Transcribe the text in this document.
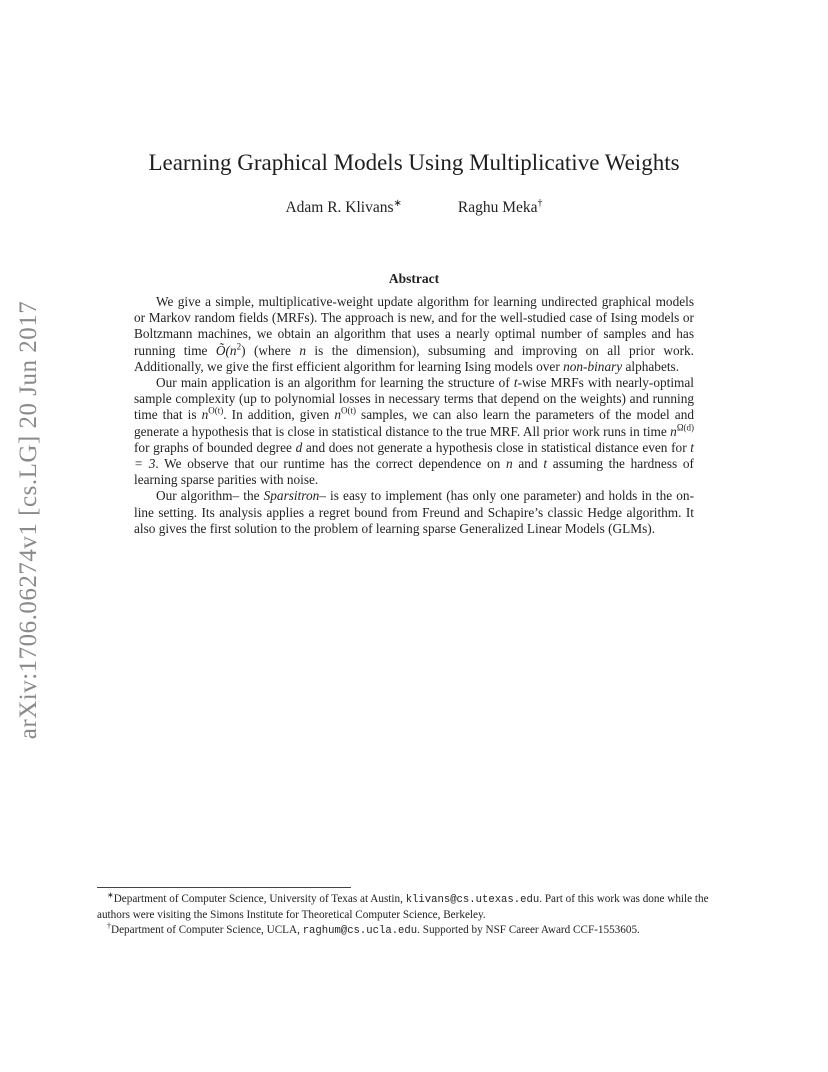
arXiv:1706.06274v1 [cs.LG] 20 Jun 2017
Learning Graphical Models Using Multiplicative Weights
Adam R. Klivans∗	Raghu Meka†
Abstract

We give a simple, multiplicative-weight update algorithm for learning undirected graphical models or Markov random fields (MRFs). The approach is new, and for the well-studied case of Ising models or Boltzmann machines, we obtain an algorithm that uses a nearly optimal number of samples and has running time $Õ(n^2)$ (where n is the dimension), subsuming and improving on all prior work. Additionally, we give the first efficient algorithm for learning Ising models over non-binary alphabets.

Our main application is an algorithm for learning the structure of t-wise MRFs with nearly-optimal sample complexity (up to polynomial losses in necessary terms that depend on the weights) and running time that is $n^{O(t)}$. In addition, given $n^{O(t)}$ samples, we can also learn the parameters of the model and generate a hypothesis that is close in statistical distance to the true MRF. All prior work runs in time $n^{\Omega(d)}$ for graphs of bounded degree d and does not generate a hypothesis close in statistical distance even for t = 3. We observe that our runtime has the correct dependence on n and t assuming the hardness of learning sparse parities with noise.

Our algorithm– the Sparsitron– is easy to implement (has only one parameter) and holds in the on-line setting. Its analysis applies a regret bound from Freund and Schapire’s classic Hedge algorithm. It also gives the first solution to the problem of learning sparse Generalized Linear Models (GLMs).

∗Department of Computer Science, University of Texas at Austin, klivans@cs.utexas.edu. Part of this work was done while the authors were visiting the Simons Institute for Theoretical Computer Science, Berkeley.

†Department of Computer Science, UCLA, raghum@cs.ucla.edu. Supported by NSF Career Award CCF-1553605.
